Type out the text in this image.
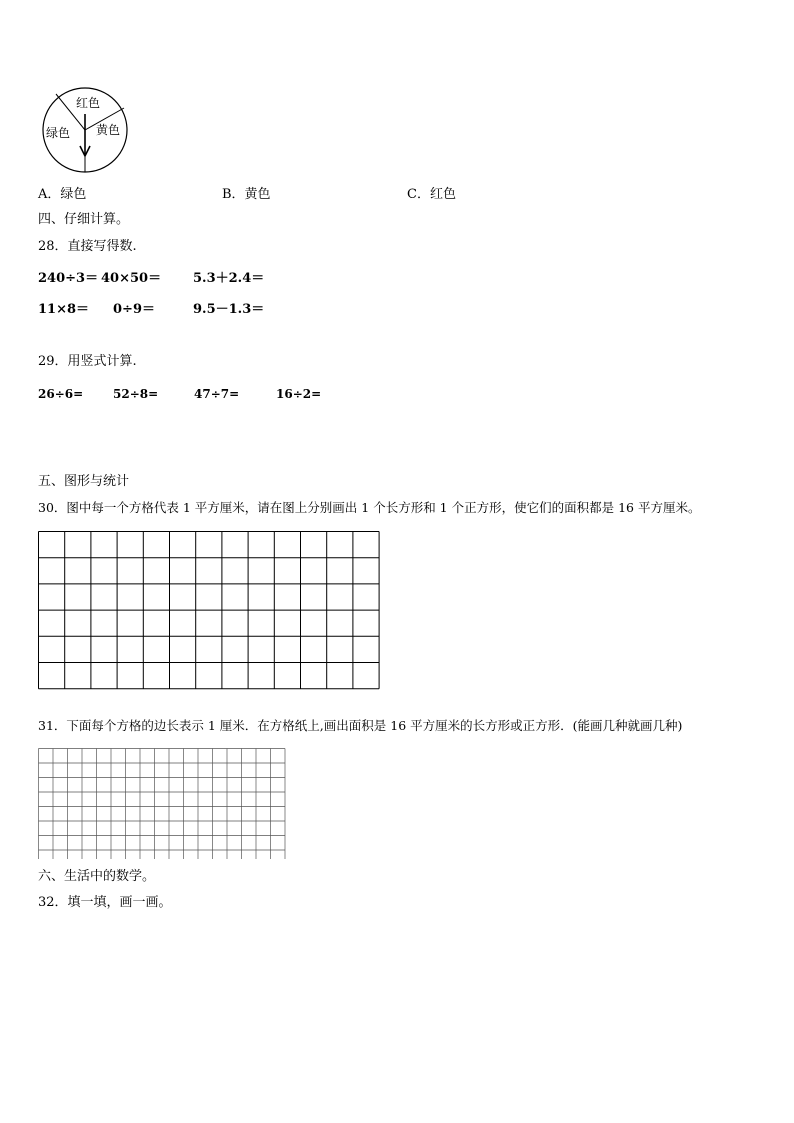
红色
黄色
绿色
A．绿色	B．黄色	C．红色
四、仔细计算。
28．直接写得数.
240÷3＝ 40×50＝ 5.3＋2.4＝
11×8＝ 0÷9＝	9.5－1.3＝
29．用竖式计算.
26÷6= 52÷8=	47÷7=	16÷2=
五、图形与统计
30．图中每一个方格代表 1 平方厘米，请在图上分别画出 1 个长方形和 1 个正方形，使它们的面积都是 16 平方厘米。
31．下面每个方格的边长表示 1 厘米．在方格纸上,画出面积是 16 平方厘米的长方形或正方形．(能画几种就画几种)
六、生活中的数学。
32．填一填，画一画。
